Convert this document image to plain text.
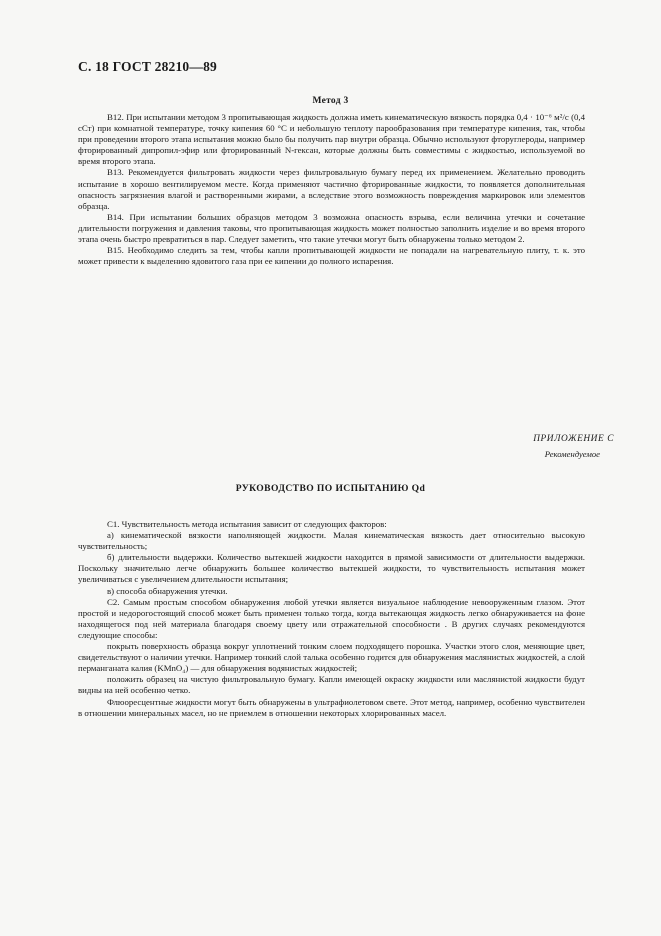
С. 18 ГОСТ 28210—89
Метод 3

В12. При испытании методом 3 пропитывающая жидкость должна иметь кинематическую вязкость порядка 0,4 · 10⁻⁶ м²/с (0,4 сСт) при комнатной температуре, точку кипения 60 °С и небольшую теплоту парообразования при температуре кипения, так, чтобы при проведении второго этапа испытания можно было бы получить пар внутри образца. Обычно используют фторуглероды, например фторированный дипропил-эфир или фторированный N-гексан, которые должны быть совместимы с жидкостью, используемой во время второго этапа.

В13. Рекомендуется фильтровать жидкости через фильтровальную бумагу перед их применением. Желательно проводить испытание в хорошо вентилируемом месте. Когда применяют частично фторированные жидкости, то появляется дополнительная опасность загрязнения влагой и растворенными жирами, а вследствие этого возможность повреждения маркировок или элементов образца.

В14. При испытании больших образцов методом 3 возможна опасность взрыва, если величина утечки и сочетание длительности погружения и давления таковы, что пропитывающая жидкость может полностью заполнить изделие и во время второго этапа очень быстро превратиться в пар. Следует заметить, что такие утечки могут быть обнаружены только методом 2.

В15. Необходимо следить за тем, чтобы капли пропитывающей жидкости не попадали на нагревательную плиту, т. к. это может привести к выделению ядовитого газа при ее кипении до полного испарения.

ПРИЛОЖЕНИЕ С
Рекомендуемое
РУКОВОДСТВО ПО ИСПЫТАНИЮ Qd

С1. Чувствительность метода испытания зависит от следующих факторов:

а) кинематической вязкости наполняющей жидкости. Малая кинематическая вязкость дает относительно высокую чувствительность;

б) длительности выдержки. Количество вытекшей жидкости находится в прямой зависимости от длительности выдержки. Поскольку значительно легче обнаружить большее количество вытекшей жидкости, то чувствительность испытания может увеличиваться с увеличением длительности испытания;

в) способа обнаружения утечки.

С2. Самым простым способом обнаружения любой утечки является визуальное наблюдение невооруженным глазом. Этот простой и недорогостоящий способ может быть применен только тогда, когда вытекающая жидкость легко обнаруживается на фоне находящегося под ней материала благодаря своему цвету или отражательной способности . В других случаях рекомендуются следующие способы:

покрыть поверхность образца вокруг уплотнений тонким слоем подходящего порошка. Участки этого слоя, меняющие цвет, свидетельствуют о наличии утечки. Например тонкий слой талька особенно годится для обнаружения маслянистых жидкостей, а слой перманганата калия (KMnO₄) — для обнаружения водянистых жидкостей;

положить образец на чистую фильтровальную бумагу. Капли имеющей окраску жидкости или маслянистой жидкости будут видны на ней особенно четко.

Флюоресцентные жидкости могут быть обнаружены в ультрафиолетовом свете. Этот метод, например, особенно чувствителен в отношении минеральных масел, но не приемлем в отношении некоторых хлорированных масел.
